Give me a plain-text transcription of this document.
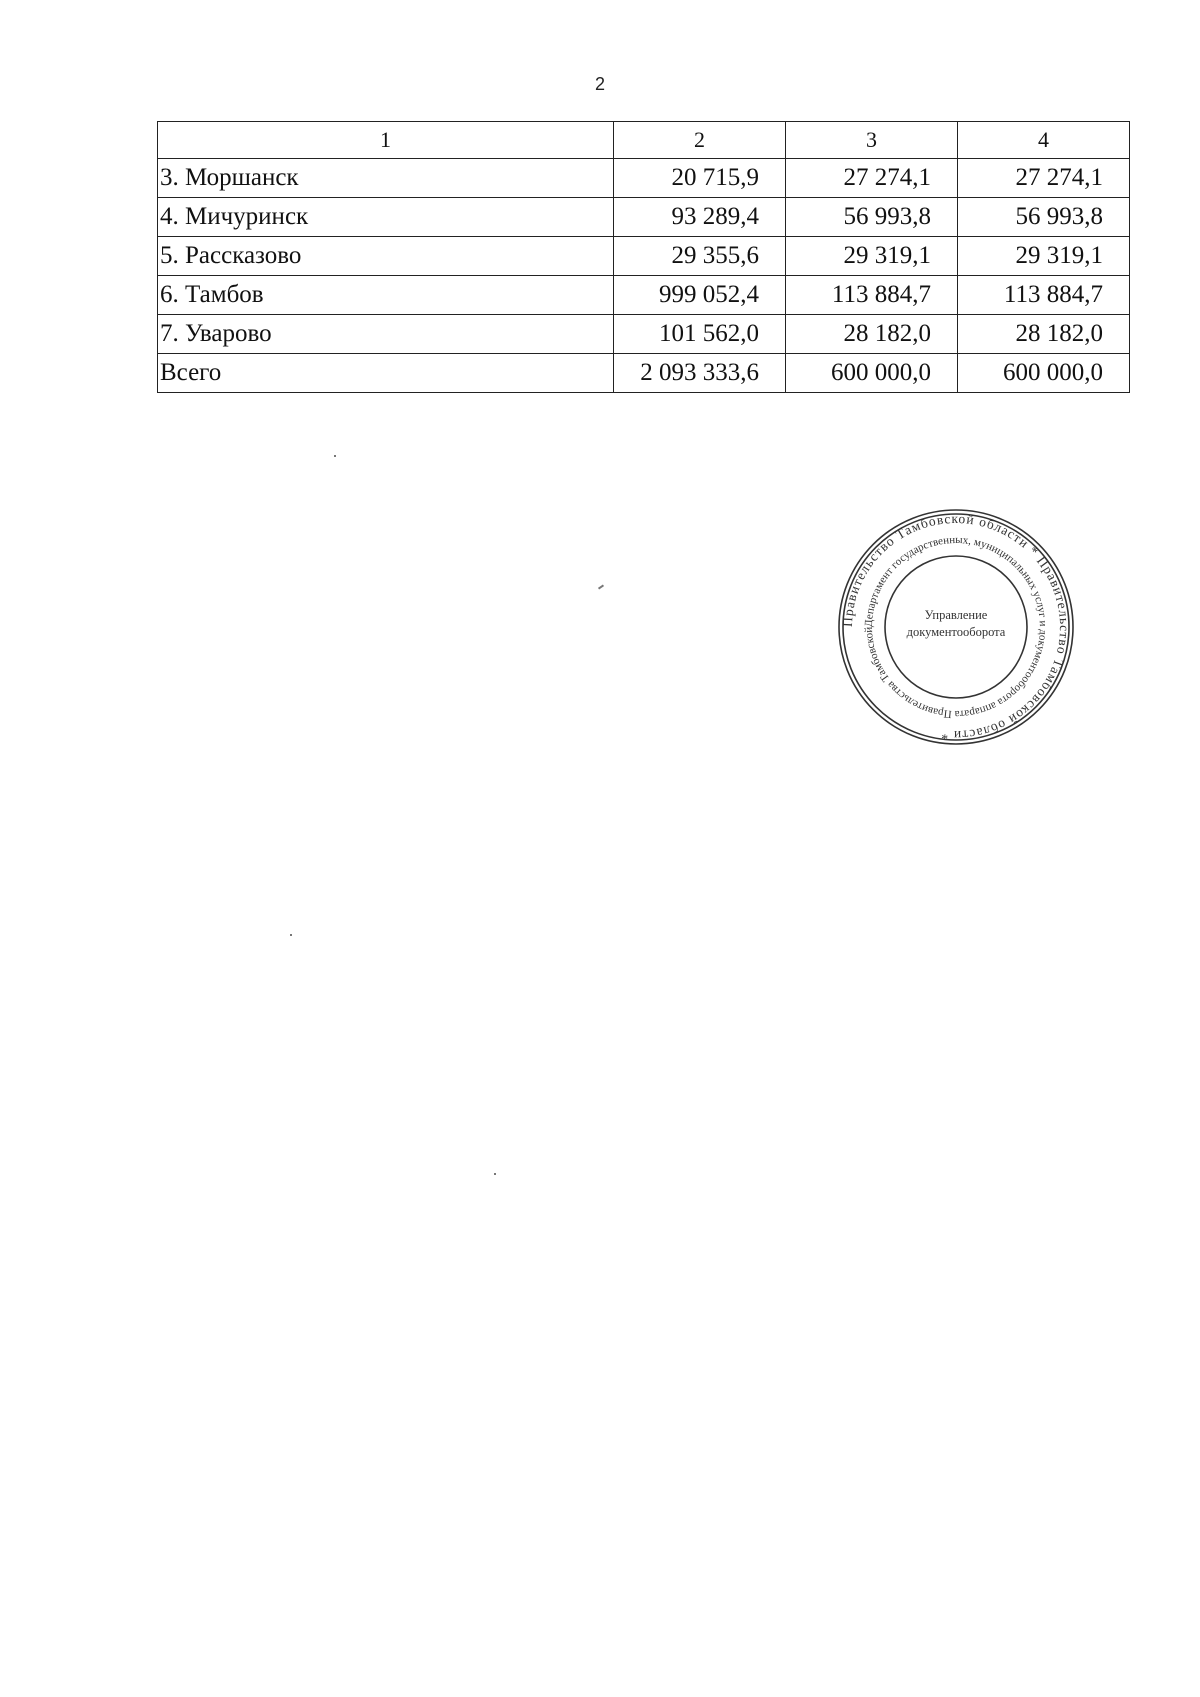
2
1	2	3	4
3. Моршанск	20 715,9	27 274,1	27 274,1
4. Мичуринск	93 289,4	56 993,8	56 993,8
5. Рассказово	29 355,6	29 319,1	29 319,1
6. Тамбов	999 052,4	113 884,7	113 884,7
7. Уварово	101 562,0	28 182,0	28 182,0
Всего	2 093 333,6	600 000,0	600 000,0
Правительство Тамбовской области * Правительство Тамбовской области *
Департамент государственных, муниципальных услуг и документооборота аппарата Правительства Тамбовской
Управление
документооборота
